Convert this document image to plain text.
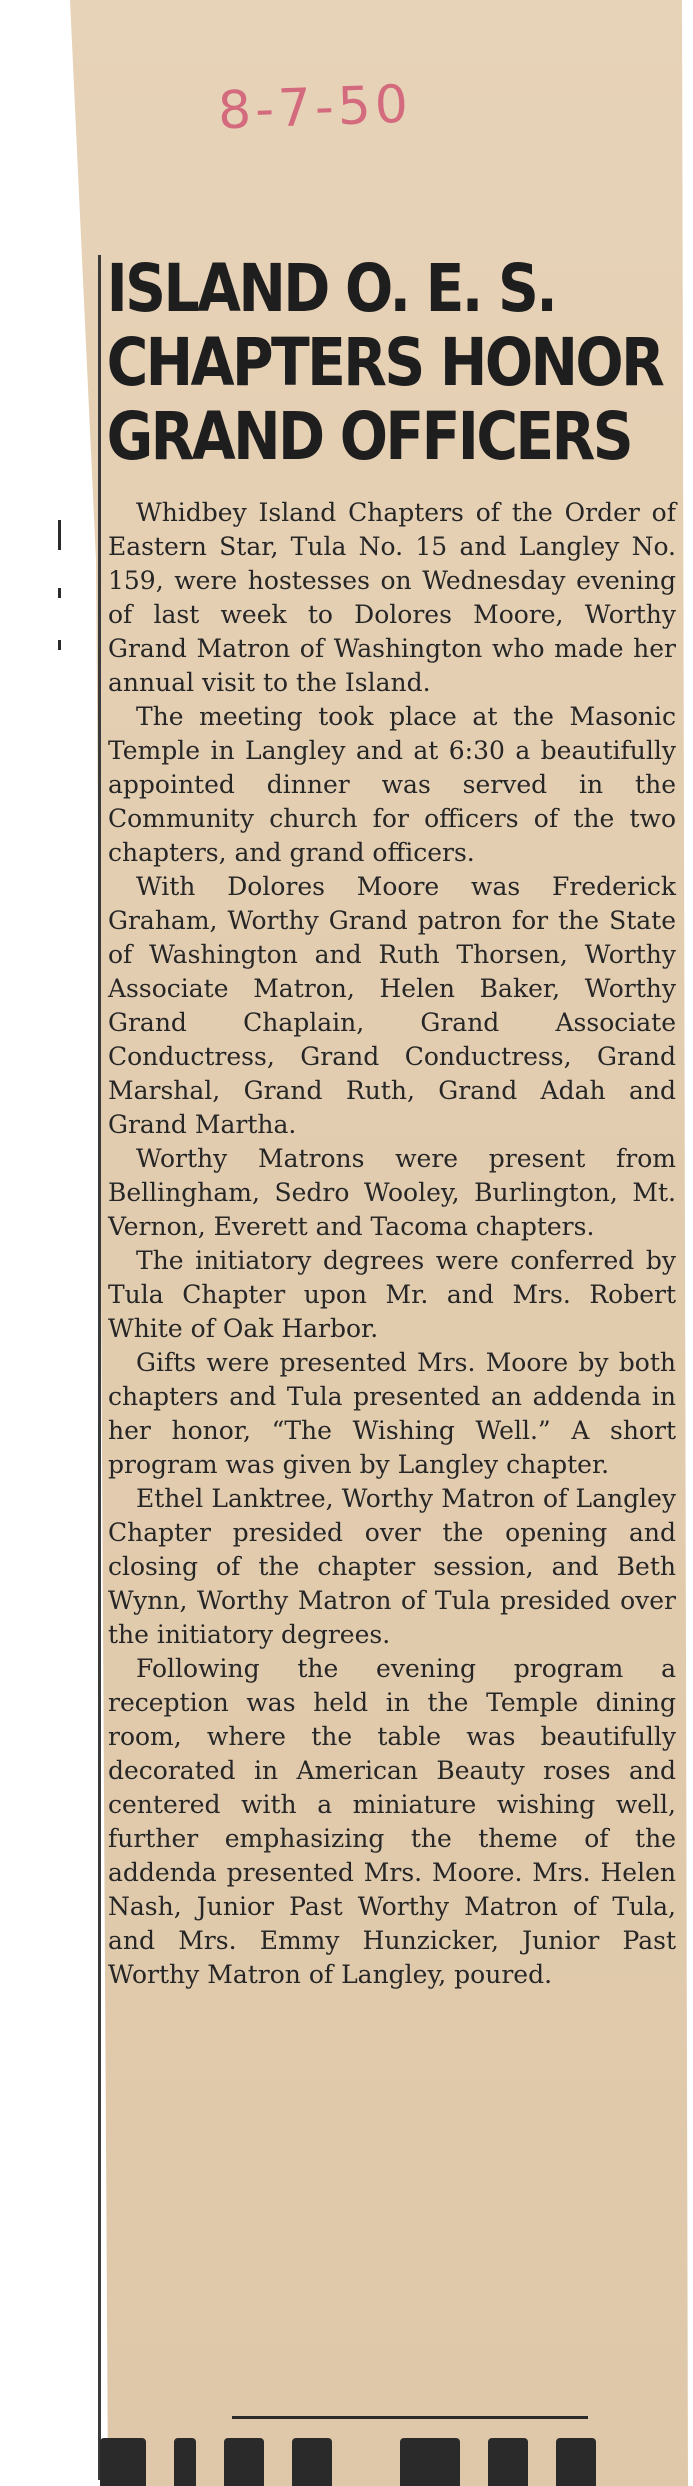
8-7-50
ISLAND O. E. S.
CHAPTERS HONOR
GRAND OFFICERS

Whidbey Island Chapters of the Order of Eastern Star, Tula No. 15 and Langley No. 159, were hostesses on Wednesday evening of last week to Dolores Moore, Worthy Grand Matron of Washington who made her annual visit to the Island.

The meeting took place at the Masonic Temple in Langley and at 6:30 a beautifully appointed dinner was served in the Community church for officers of the two chapters, and grand officers.

With Dolores Moore was Frederick Graham, Worthy Grand patron for the State of Washington and Ruth Thorsen, Worthy Associate Matron, Helen Baker, Worthy Grand Chaplain, Grand Associate Conductress, Grand Conductress, Grand Marshal, Grand Ruth, Grand Adah and Grand Martha.

Worthy Matrons were present from Bellingham, Sedro Wooley, Burlington, Mt. Vernon, Everett and Tacoma chapters.

The initiatory degrees were conferred by Tula Chapter upon Mr. and Mrs. Robert White of Oak Harbor.

Gifts were presented Mrs. Moore by both chapters and Tula presented an addenda in her honor, “The Wishing Well.” A short program was given by Langley chapter.

Ethel Lanktree, Worthy Matron of Langley Chapter presided over the opening and closing of the chapter session, and Beth Wynn, Worthy Matron of Tula presided over the initiatory degrees.

Following the evening program a reception was held in the Temple dining room, where the table was beautifully decorated in American Beauty roses and centered with a miniature wishing well, further emphasizing the theme of the addenda presented Mrs. Moore. Mrs. Helen Nash, Junior Past Worthy Matron of Tula, and Mrs. Emmy Hunzicker, Junior Past Worthy Matron of Langley, poured.
